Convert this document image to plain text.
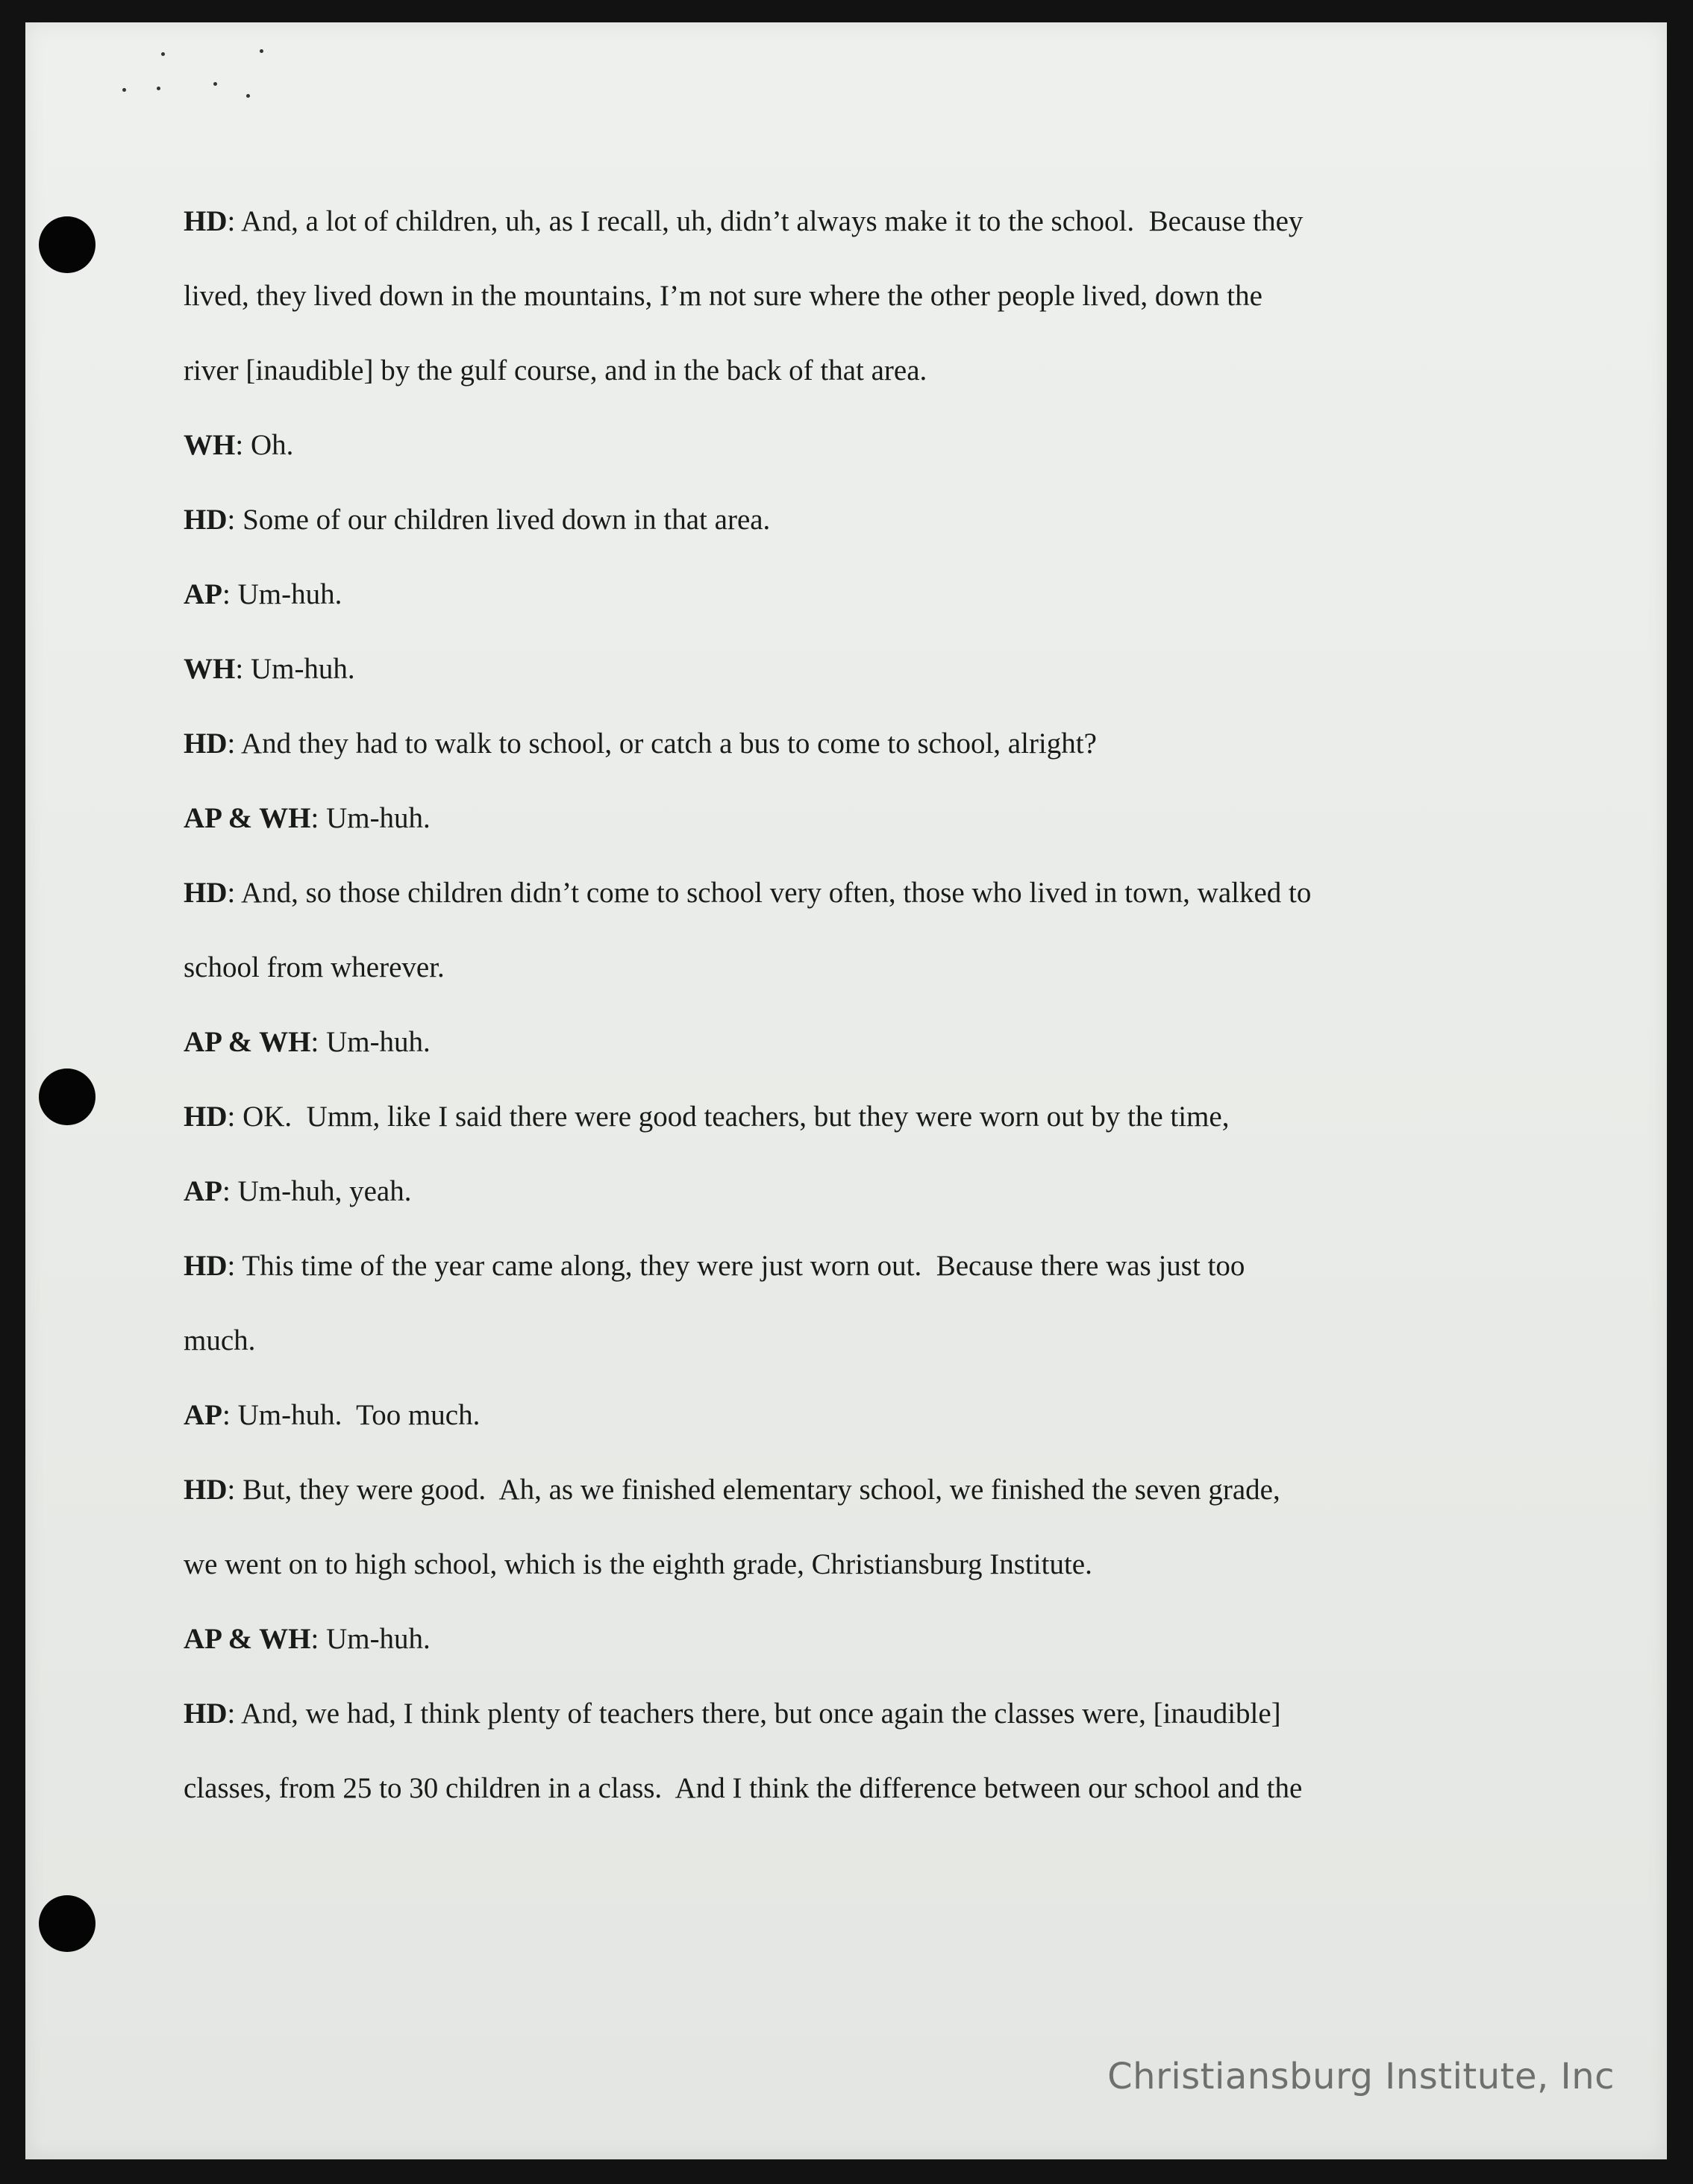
HD: And, a lot of children, uh, as I recall, uh, didn’t always make it to the school.  Because they
lived, they lived down in the mountains, I’m not sure where the other people lived, down the
river [inaudible] by the gulf course, and in the back of that area.
WH: Oh.
HD: Some of our children lived down in that area.
AP: Um-huh.
WH: Um-huh.
HD: And they had to walk to school, or catch a bus to come to school, alright?
AP & WH: Um-huh.
HD: And, so those children didn’t come to school very often, those who lived in town, walked to
school from wherever.
AP & WH: Um-huh.
HD: OK.  Umm, like I said there were good teachers, but they were worn out by the time,
AP: Um-huh, yeah.
HD: This time of the year came along, they were just worn out.  Because there was just too
much.
AP: Um-huh.  Too much.
HD: But, they were good.  Ah, as we finished elementary school, we finished the seven grade,
we went on to high school, which is the eighth grade, Christiansburg Institute.
AP & WH: Um-huh.
HD: And, we had, I think plenty of teachers there, but once again the classes were, [inaudible]
classes, from 25 to 30 children in a class.  And I think the difference between our school and the
Christiansburg Institute, Inc
